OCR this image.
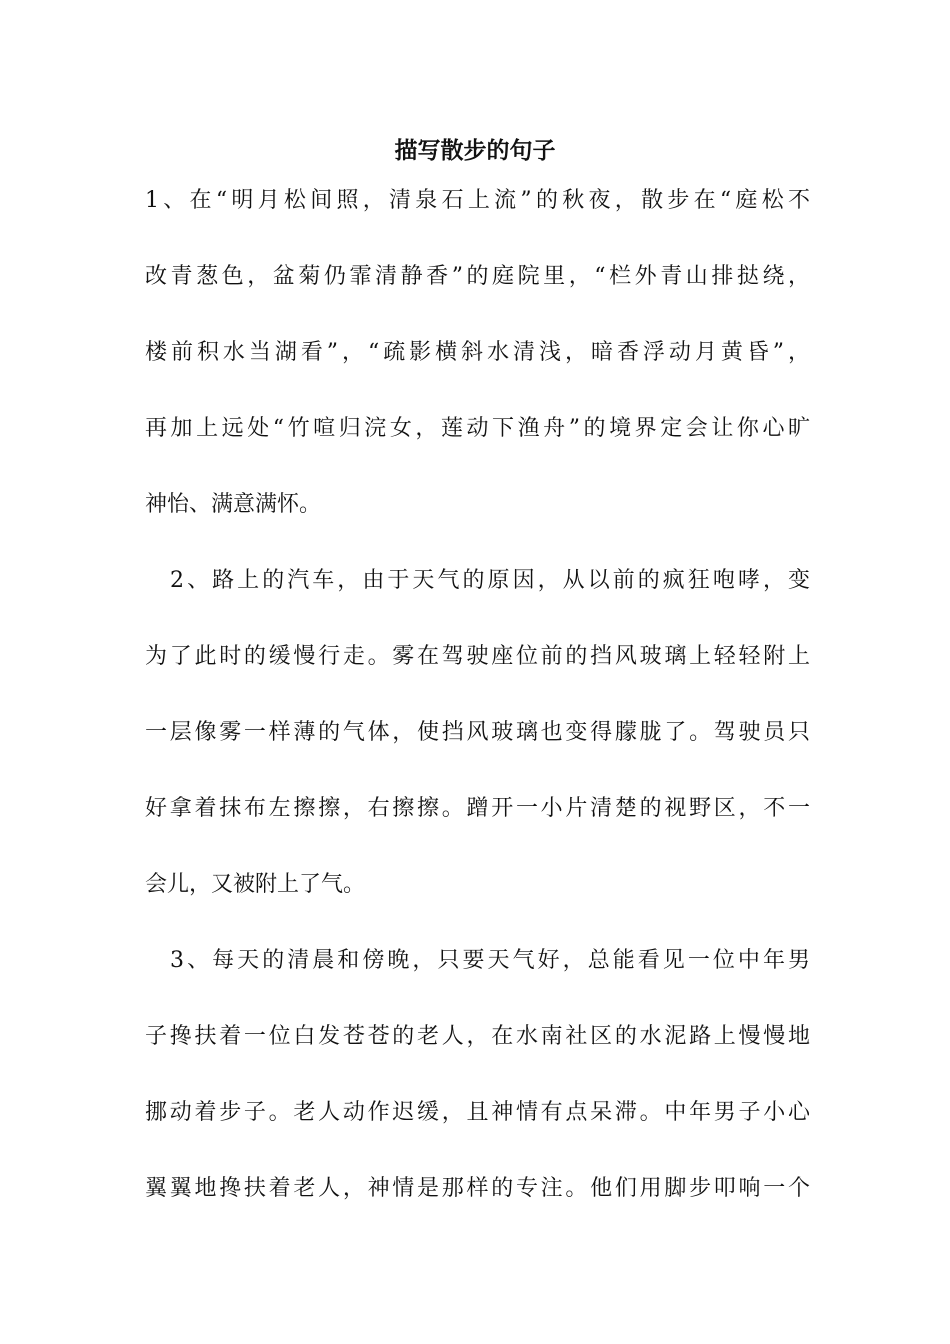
描写散步的句子

1、在“明月松间照，清泉石上流”的秋夜，散步在“庭松不

改青葱色，盆菊仍霏清静香”的庭院里，“栏外青山排挞绕，

楼前积水当湖看”，“疏影横斜水清浅，暗香浮动月黄昏”，

再加上远处“竹喧归浣女，莲动下渔舟”的境界定会让你心旷

神怡、满意满怀。

　2、路上的汽车，由于天气的原因，从以前的疯狂咆哮，变

为了此时的缓慢行走。雾在驾驶座位前的挡风玻璃上轻轻附上

一层像雾一样薄的气体，使挡风玻璃也变得朦胧了。驾驶员只

好拿着抹布左擦擦，右擦擦。蹭开一小片清楚的视野区，不一

会儿，又被附上了气。

　3、每天的清晨和傍晚，只要天气好，总能看见一位中年男

子搀扶着一位白发苍苍的老人，在水南社区的水泥路上慢慢地

挪动着步子。老人动作迟缓，且神情有点呆滞。中年男子小心

翼翼地搀扶着老人，神情是那样的专注。他们用脚步叩响一个
